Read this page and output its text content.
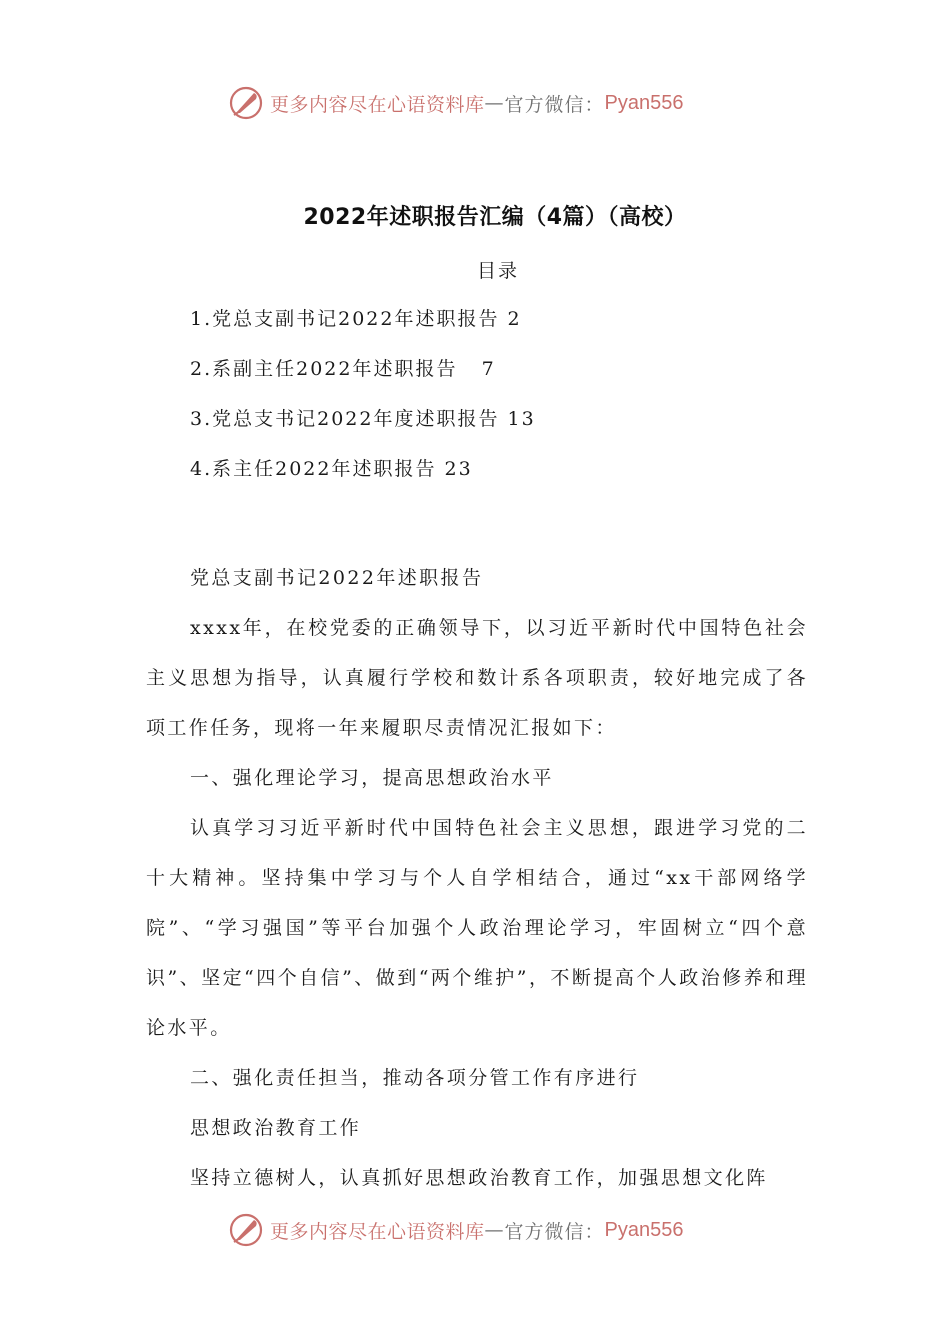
更多内容尽在心语资料库 — 官方微信： Pyan556
2022年述职报告汇编（4篇）（高校）
目录
1.党总支副书记2022年述职报告 2
2.系副主任2022年述职报告   7
3.党总支书记2022年度述职报告 13
4.系主任2022年述职报告 23

党总支副书记2022年述职报告

xxxx年，在校党委的正确领导下，以习近平新时代中国特色社会主义思想为指导，认真履行学校和数计系各项职责，较好地完成了各项工作任务，现将一年来履职尽责情况汇报如下：

一、强化理论学习，提高思想政治水平

认真学习习近平新时代中国特色社会主义思想，跟进学习党的二十大精神。坚持集中学习与个人自学相结合，通过“xx干部网络学院”、“学习强国”等平台加强个人政治理论学习，牢固树立“四个意识”、坚定“四个自信”、做到“两个维护”，不断提高个人政治修养和理论水平。

二、强化责任担当，推动各项分管工作有序进行

思想政治教育工作

坚持立德树人，认真抓好思想政治教育工作，加强思想文化阵

更多内容尽在心语资料库 — 官方微信： Pyan556
